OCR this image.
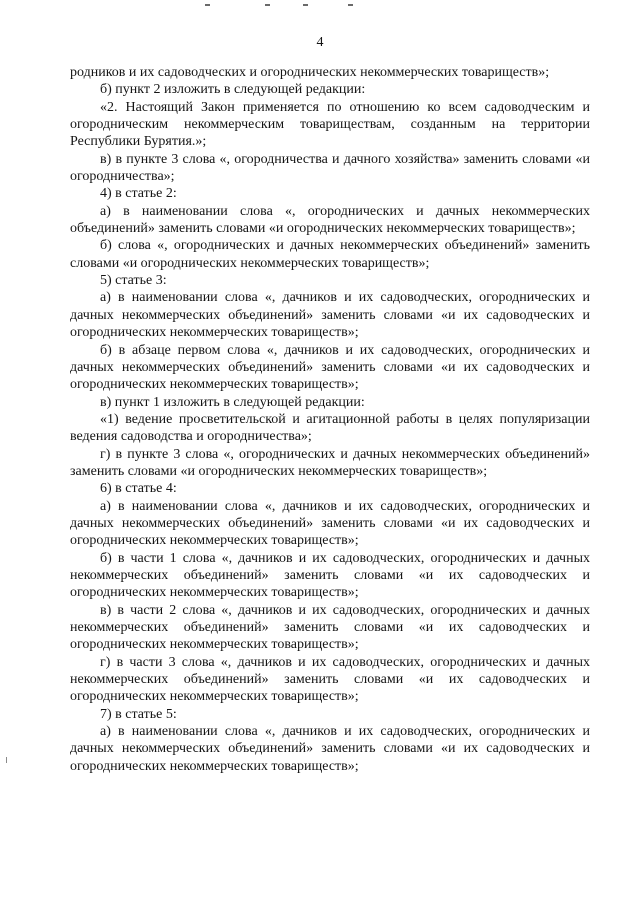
4

родников и их садоводческих и огороднических некоммерческих товариществ»;

б) пункт 2 изложить в следующей редакции:

«2. Настоящий Закон применяется по отношению ко всем садоводческим и огородническим некоммерческим товариществам, созданным на территории Республики Бурятия.»;

в) в пункте 3 слова «, огородничества и дачного хозяйства» заменить словами «и огородничества»;

4) в статье 2:

а) в наименовании слова «, огороднических и дачных некоммерческих объединений» заменить словами «и огороднических некоммерческих товариществ»;

б) слова «, огороднических и дачных некоммерческих объединений» заменить словами «и огороднических некоммерческих товариществ»;

5) статье 3:

а) в наименовании слова «, дачников и их садоводческих, огороднических и дачных некоммерческих объединений» заменить словами «и их садоводческих и огороднических некоммерческих товариществ»;

б) в абзаце первом слова «, дачников и их садоводческих, огороднических и дачных некоммерческих объединений» заменить словами «и их садоводческих и огороднических некоммерческих товариществ»;

в) пункт 1 изложить в следующей редакции:

«1) ведение просветительской и агитационной работы в целях популяризации ведения садоводства и огородничества»;

г) в пункте 3 слова «, огороднических и дачных некоммерческих объединений» заменить словами «и огороднических некоммерческих товариществ»;

6) в статье 4:

а) в наименовании слова «, дачников и их садоводческих, огороднических и дачных некоммерческих объединений» заменить словами «и их садоводческих и огороднических некоммерческих товариществ»;

б) в части 1 слова «, дачников и их садоводческих, огороднических и дачных некоммерческих объединений» заменить словами «и их садоводческих и огороднических некоммерческих товариществ»;

в) в части 2 слова «, дачников и их садоводческих, огороднических и дачных некоммерческих объединений» заменить словами «и их садоводческих и огороднических некоммерческих товариществ»;

г) в части 3 слова «, дачников и их садоводческих, огороднических и дачных некоммерческих объединений» заменить словами «и их садоводческих и огороднических некоммерческих товариществ»;

7) в статье 5:

а) в наименовании слова «, дачников и их садоводческих, огороднических и дачных некоммерческих объединений» заменить словами «и их садоводческих и огороднических некоммерческих товариществ»;
